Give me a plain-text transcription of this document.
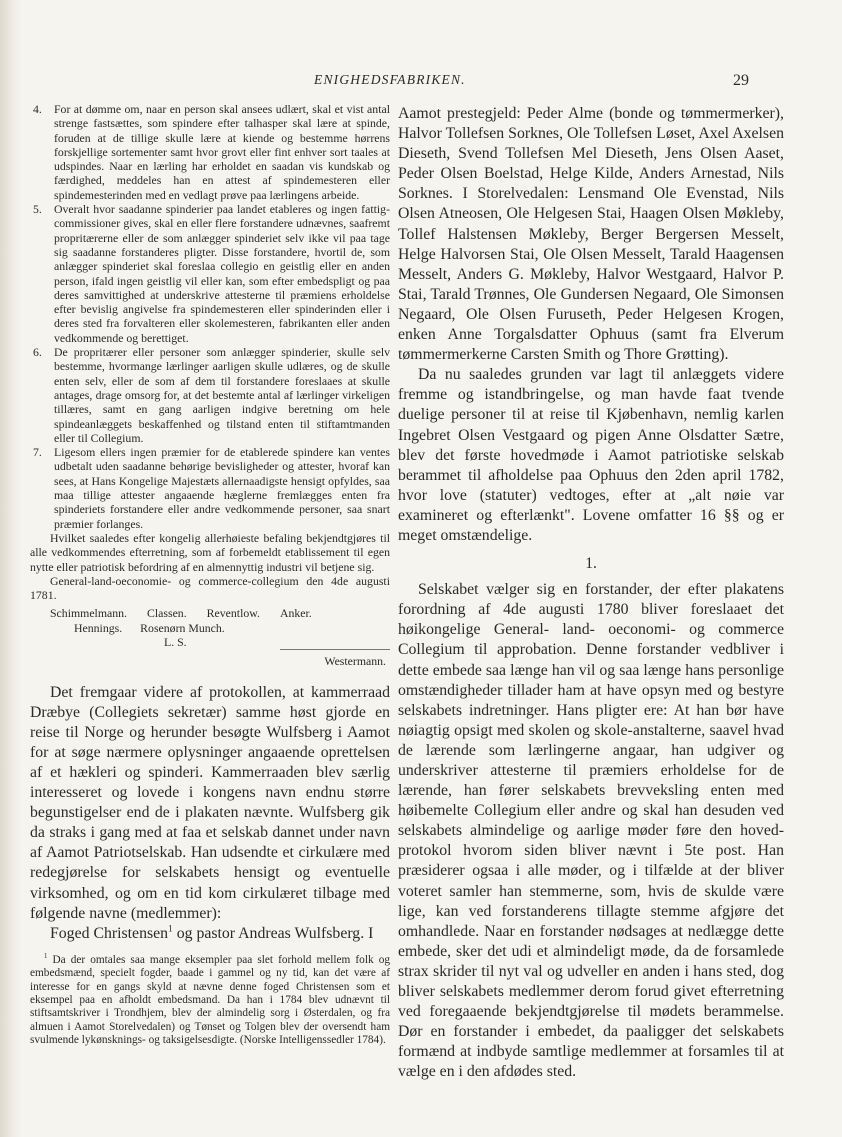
ENIGHEDSFABRIKEN.	29
4. For at dømme om, naar en person skal ansees udlært, skal et vist antal strenge fastsættes, som spindere efter talhasper skal lære at spinde, foruden at de tillige skulle lære at kiende og bestemme hørrens forskjellige sortementer samt hvor grovt eller fint enhver sort taales at udspindes. Naar en lærling har erholdet en saadan vis kundskab og færdighed, meddeles han en attest af spindemesteren eller spindemesterinden med en vedlagt prøve paa lærlingens arbeide.
5. Overalt hvor saadanne spinderier paa landet etableres og ingen fattig-commissioner gives, skal en eller flere forstandere udnævnes, saafremt propritærerne eller de som anlægger spinderiet selv ikke vil paa tage sig saadanne forstanderes pligter. Disse forstandere, hvortil de, som anlægger spinderiet skal foreslaa collegio en geistlig eller en anden person, ifald ingen geistlig vil eller kan, som efter embedspligt og paa deres samvittighed at underskrive attesterne til præmiens erholdelse efter bevislig angivelse fra spindemesteren eller spinderinden eller i deres sted fra forvalteren eller skolemesteren, fabrikanten eller anden vedkommende og berettiget.
6. De propritærer eller personer som anlægger spinderier, skulle selv bestemme, hvormange lærlinger aarligen skulle udlæres, og de skulle enten selv, eller de som af dem til forstandere foreslaaes at skulle antages, drage omsorg for, at det bestemte antal af lærlinger virkeligen tillæres, samt en gang aarligen indgive beretning om hele spindeanlæggets beskaffenhed og tilstand enten til stiftamtmanden eller til Collegium.
7. Ligesom ellers ingen præmier for de etablerede spindere kan ventes udbetalt uden saadanne behørige bevisligheder og attester, hvoraf kan sees, at Hans Kongelige Majestæts allernaadigste hensigt opfyldes, saa maa tillige attester angaaende hæglerne fremlægges enten fra spinderiets forstandere eller andre vedkommende personer, saa snart præmier forlanges.

Hvilket saaledes efter kongelig allerhøieste befaling bekjendtgjøres til alle vedkommendes efterretning, som af forbemeldt etablissement til egen nytte eller patriotisk befordring af en almennyttig industri vil betjene sig.

General-land-oeconomie- og commerce-collegium den 4de augusti 1781.

Schimmelmann. Classen. Reventlow. Anker.
Hennings. Rosenørn Munch.
L. S.
Westermann.

Det fremgaar videre af protokollen, at kammerraad Dræbye (Collegiets sekretær) samme høst gjorde en reise til Norge og herunder besøgte Wulfsberg i Aamot for at søge nærmere oplysninger angaaende oprettelsen af et hækleri og spinderi. Kammerraaden blev særlig interesseret og lovede i kongens navn endnu større begunstigelser end de i plakaten nævnte. Wulfsberg gik da straks i gang med at faa et selskab dannet under navn af Aamot Patriotselskab. Han udsendte et cirkulære med redegjørelse for selskabets hensigt og eventuelle virksomhed, og om en tid kom cirkulæret tilbage med følgende navne (medlemmer):

Foged Christensen$^1$ og pastor Andreas Wulfsberg. I

$^1$ Da der omtales saa mange eksempler paa slet forhold mellem folk og embedsmænd, specielt fogder, baade i gammel og ny tid, kan det være af interesse for en gangs skyld at nævne denne foged Christensen som et eksempel paa en afholdt embedsmand. Da han i 1784 blev udnævnt til stiftsamtskriver i Trondhjem, blev der almindelig sorg i Østerdalen, og fra almuen i Aamot Storelvedalen) og Tønset og Tolgen blev der oversendt ham svulmende lykønsknings- og taksigelsesdigte. (Norske Intelligenssedler 1784).

Aamot prestegjeld: Peder Alme (bonde og tømmermerker), Halvor Tollefsen Sorknes, Ole Tollefsen Løset, Axel Axelsen Dieseth, Svend Tollefsen Mel Dieseth, Jens Olsen Aaset, Peder Olsen Boelstad, Helge Kilde, Anders Arnestad, Nils Sorknes. I Storelvedalen: Lensmand Ole Evenstad, Nils Olsen Atneosen, Ole Helgesen Stai, Haagen Olsen Møkleby, Tollef Halstensen Møkleby, Berger Bergersen Messelt, Helge Halvorsen Stai, Ole Olsen Messelt, Tarald Haagensen Messelt, Anders G. Møkleby, Halvor Westgaard, Halvor P. Stai, Tarald Trønnes, Ole Gundersen Negaard, Ole Simonsen Negaard, Ole Olsen Furuseth, Peder Helgesen Krogen, enken Anne Torgalsdatter Ophuus (samt fra Elverum tømmermerkerne Carsten Smith og Thore Grøtting).

Da nu saaledes grunden var lagt til anlæggets videre fremme og istandbringelse, og man havde faat tvende duelige personer til at reise til Kjøbenhavn, nemlig karlen Ingebret Olsen Vestgaard og pigen Anne Olsdatter Sætre, blev det første hovedmøde i Aamot patriotiske selskab berammet til afholdelse paa Ophuus den 2den april 1782, hvor love (statuter) vedtoges, efter at „alt nøie var examineret og efterlænkt". Lovene omfatter 16 §§ og er meget omstændelige.

1.

Selskabet vælger sig en forstander, der efter plakatens forordning af 4de augusti 1780 bliver foreslaaet det høikongelige General- land- oeconomi- og commerce Collegium til approbation. Denne forstander vedbliver i dette embede saa længe han vil og saa længe hans personlige omstændigheder tillader ham at have opsyn med og bestyre selskabets indretninger. Hans pligter ere: At han bør have nøiagtig opsigt med skolen og skole-anstalterne, saavel hvad de lærende som lærlingerne angaar, han udgiver og underskriver attesterne til præmiers erholdelse for de lærende, han fører selskabets brevveksling enten med høibemelte Collegium eller andre og skal han desuden ved selskabets almindelige og aarlige møder føre den hoved-protokol hvorom siden bliver nævnt i 5te post. Han præsiderer ogsaa i alle møder, og i tilfælde at der bliver voteret samler han stemmerne, som, hvis de skulde være lige, kan ved forstanderens tillagte stemme afgjøre det omhandlede. Naar en forstander nødsages at nedlægge dette embede, sker det udi et almindeligt møde, da de forsamlede strax skrider til nyt val og udveller en anden i hans sted, dog bliver selskabets medlemmer derom forud givet efterretning ved foregaaende bekjendtgjørelse til mødets berammelse. Dør en forstander i embedet, da paaligger det selskabets formænd at indbyde samtlige medlemmer at forsamles til at vælge en i den afdødes sted.
